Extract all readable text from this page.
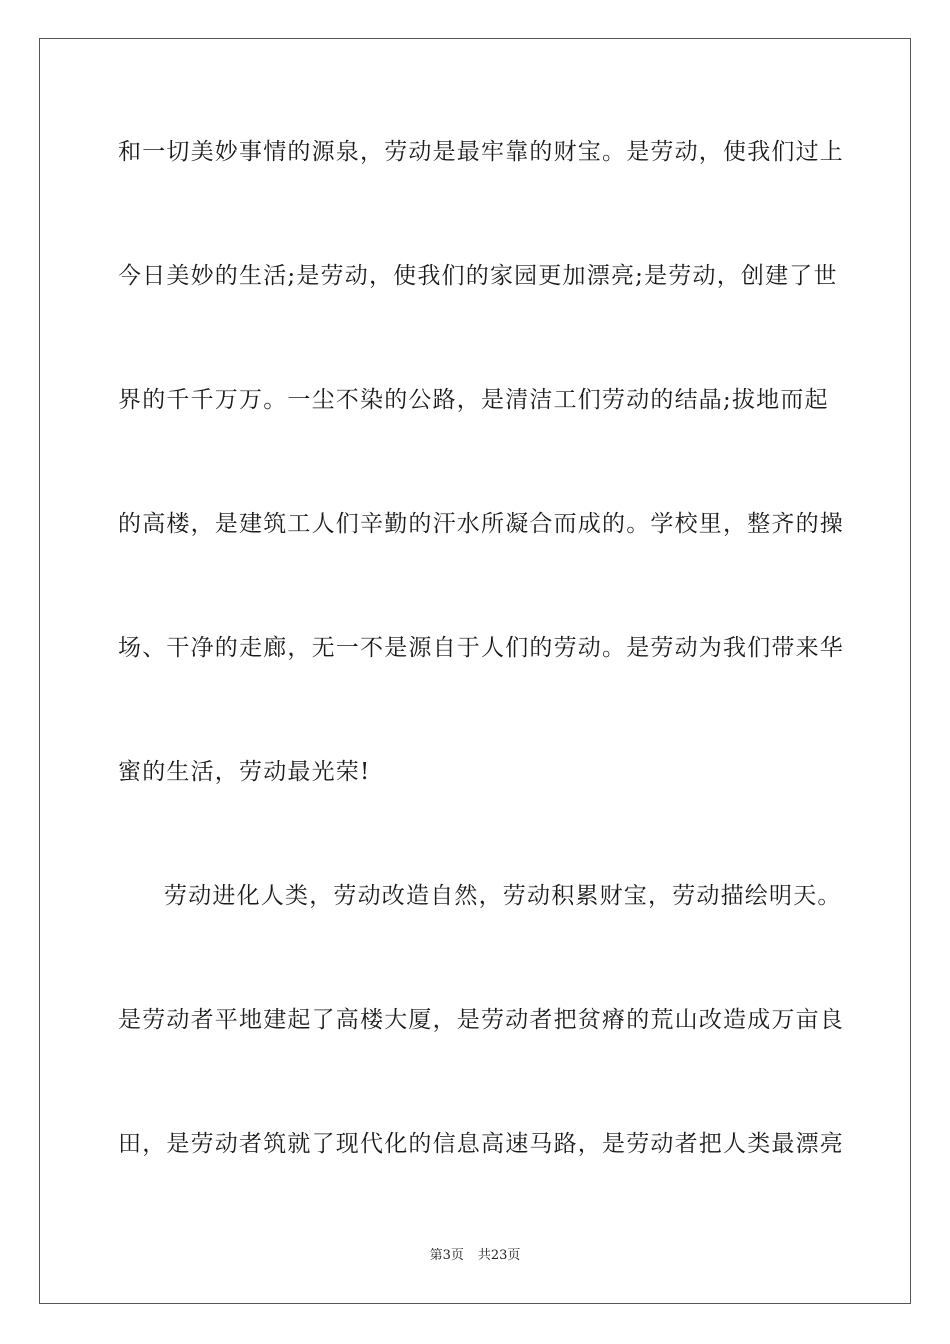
和一切美妙事情的源泉，劳动是最牢靠的财宝。是劳动，使我们过上
今日美妙的生活;是劳动，使我们的家园更加漂亮;是劳动，创建了世
界的千千万万。一尘不染的公路，是清洁工们劳动的结晶;拔地而起
的高楼，是建筑工人们辛勤的汗水所凝合而成的。学校里，整齐的操
场、干净的走廊，无一不是源自于人们的劳动。是劳动为我们带来华
蜜的生活，劳动最光荣!
劳动进化人类，劳动改造自然，劳动积累财宝，劳动描绘明天。
是劳动者平地建起了高楼大厦，是劳动者把贫瘠的荒山改造成万亩良
田，是劳动者筑就了现代化的信息高速马路，是劳动者把人类最漂亮
第3页 共23页
